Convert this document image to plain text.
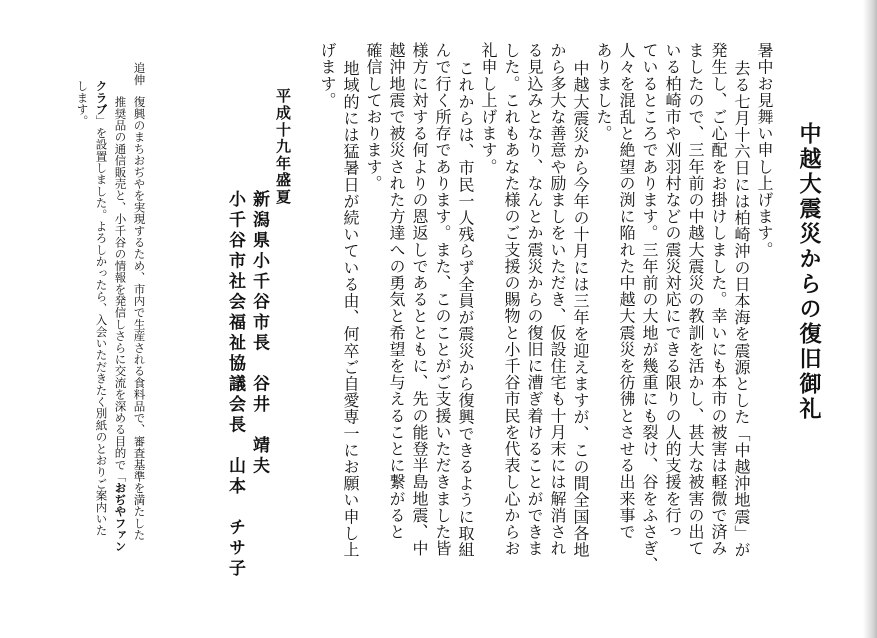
中越大震災からの復旧御礼
暑中お見舞い申し上げます。
去る七月十六日には柏崎沖の日本海を震源とした「中越沖地震」が
発生し、ご心配をお掛けしました。幸いにも本市の被害は軽微で済み
ましたので、三年前の中越大震災の教訓を活かし、甚大な被害の出て
いる柏崎市や刈羽村などの震災対応にできる限りの人的支援を行っ
ているところであります。三年前の大地が幾重にも裂け、谷をふさぎ、
人々を混乱と絶望の渕に陥れた中越大震災を彷彿とさせる出来事で
ありました。
中越大震災から今年の十月には三年を迎えますが、この間全国各地
から多大な善意や励ましをいただき、仮設住宅も十月末には解消され
る見込みとなり、なんとか震災からの復旧に漕ぎ着けることができま
した。これもあなた様のご支援の賜物と小千谷市民を代表し心からお
礼申し上げます。
これからは、市民一人残らず全員が震災から復興できるように取組
んで行く所存であります。また、このことがご支援いただきました皆
様方に対する何よりの恩返しであるとともに、先の能登半島地震、中
越沖地震で被災された方達への勇気と希望を与えることに繋がると
確信しております。
地域的には猛暑日が続いている由、何卒ご自愛専一にお願い申し上
げます。
平成十九年盛夏
新潟県小千谷市長　谷井　靖夫
小千谷市社会福祉協議会長　山本　チサ子
追伸
復興のまちおぢやを実現するため、市内で生産される食料品で、審査基準を満たした
推奨品の通信販売と、小千谷の情報を発信しさらに交流を深める目的で「おぢやファン
クラブ」を設置しました。よろしかったら、入会いただきたく別紙のとおりご案内いた
します。
